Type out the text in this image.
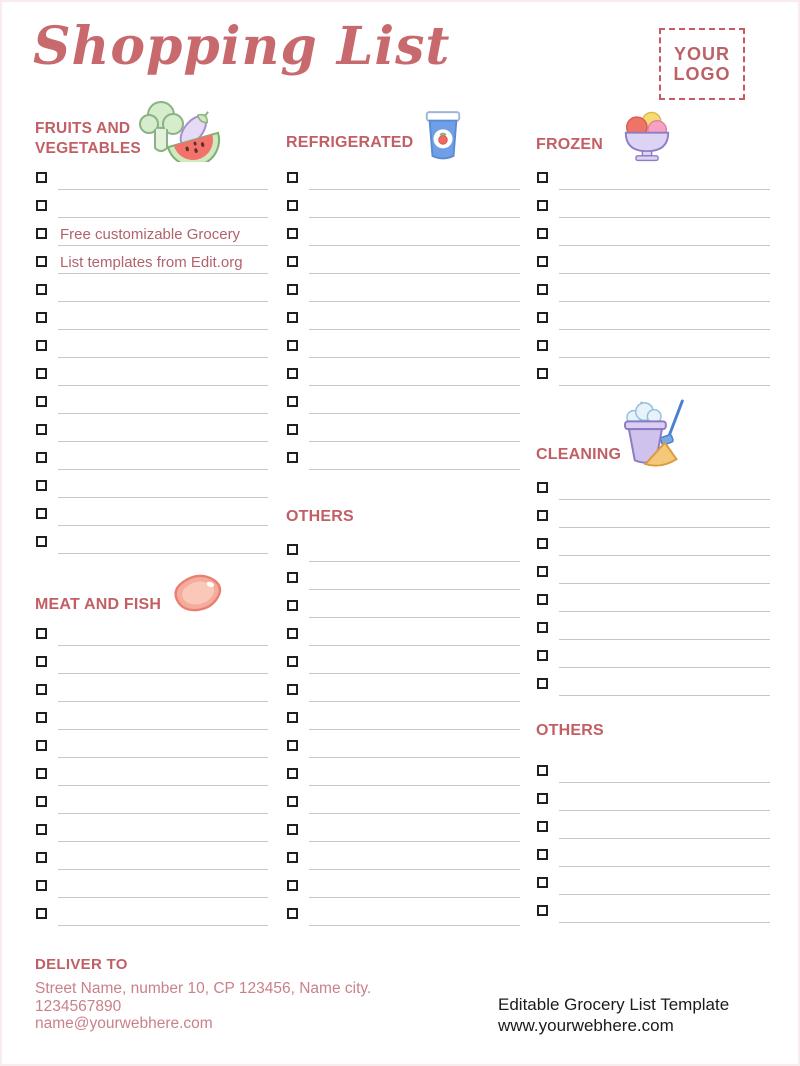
Shopping List	YOUR
LOGO
FRUITS AND
VEGETABLES
Free customizable Grocery
List templates from Edit.org
MEAT AND FISH
REFRIGERATED
OTHERS
FROZEN
CLEANING
OTHERS

DELIVER TO

Street Name, number 10, CP 123456, Name city.

1234567890

name@yourwebhere.com

Editable Grocery List Template
www.yourwebhere.com
